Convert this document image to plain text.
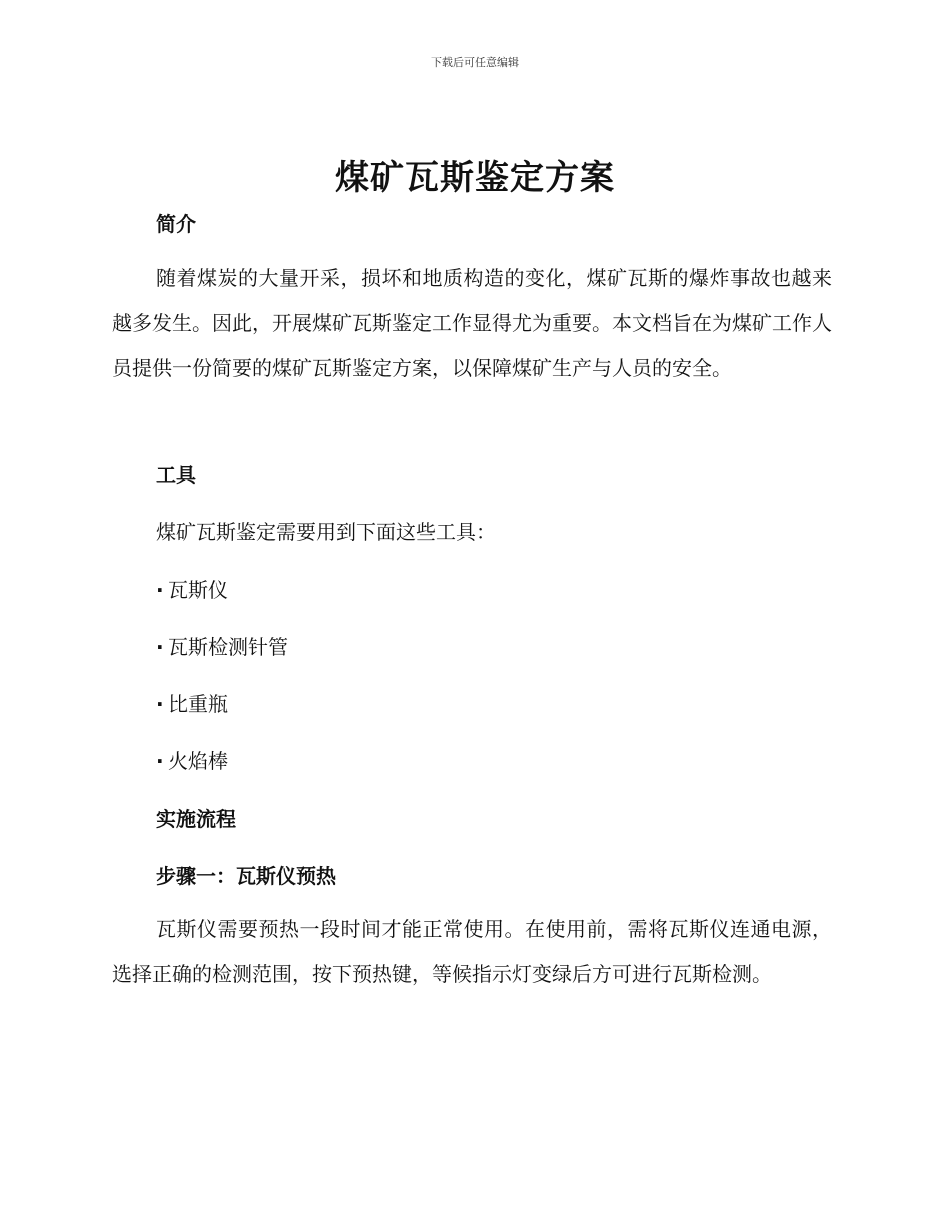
下载后可任意编辑
煤矿瓦斯鉴定方案
简介

随着煤炭的大量开采，损坏和地质构造的变化，煤矿瓦斯的爆炸事故也越来越多发生。因此，开展煤矿瓦斯鉴定工作显得尤为重要。本文档旨在为煤矿工作人员提供一份简要的煤矿瓦斯鉴定方案，以保障煤矿生产与人员的安全。

工具

煤矿瓦斯鉴定需要用到下面这些工具：

· 瓦斯仪

· 瓦斯检测针管

· 比重瓶

· 火焰棒

实施流程
步骤一：瓦斯仪预热

瓦斯仪需要预热一段时间才能正常使用。在使用前，需将瓦斯仪连通电源，选择正确的检测范围，按下预热键，等候指示灯变绿后方可进行瓦斯检测。
